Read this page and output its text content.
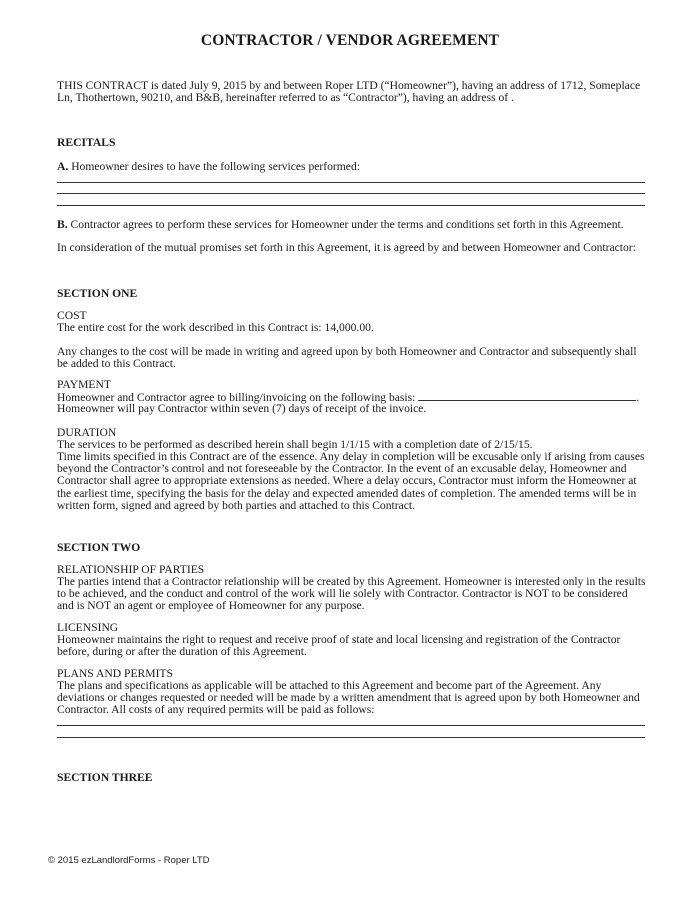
CONTRACTOR / VENDOR AGREEMENT
THIS CONTRACT is dated July 9, 2015 by and between Roper LTD (“Homeowner”), having an address of 1712, Someplace Ln, Thothertown, 90210, and B&B, hereinafter referred to as “Contractor”), having an address of .
RECITALS
A. Homeowner desires to have the following services performed:
B. Contractor agrees to perform these services for Homeowner under the terms and conditions set forth in this Agreement.
In consideration of the mutual promises set forth in this Agreement, it is agreed by and between Homeowner and Contractor:
SECTION ONE
COST
The entire cost for the work described in this Contract is: 14,000.00.
Any changes to the cost will be made in writing and agreed upon by both Homeowner and Contractor and subsequently shall be added to this Contract.
PAYMENT
Homeowner and Contractor agree to billing/invoicing on the following basis:	.
Homeowner will pay Contractor within seven (7) days of receipt of the invoice.
DURATION
The services to be performed as described herein shall begin 1/1/15 with a completion date of 2/15/15.
Time limits specified in this Contract are of the essence. Any delay in completion will be excusable only if arising from causes beyond the Contractor’s control and not foreseeable by the Contractor. In the event of an excusable delay, Homeowner and Contractor shall agree to appropriate extensions as needed. Where a delay occurs, Contractor must inform the Homeowner at the earliest time, specifying the basis for the delay and expected amended dates of completion. The amended terms will be in written form, signed and agreed by both parties and attached to this Contract.
SECTION TWO
RELATIONSHIP OF PARTIES
The parties intend that a Contractor relationship will be created by this Agreement. Homeowner is interested only in the results to be achieved, and the conduct and control of the work will lie solely with Contractor. Contractor is NOT to be considered and is NOT an agent or employee of Homeowner for any purpose.
LICENSING
Homeowner maintains the right to request and receive proof of state and local licensing and registration of the Contractor before, during or after the duration of this Agreement.
PLANS AND PERMITS
The plans and specifications as applicable will be attached to this Agreement and become part of the Agreement. Any deviations or changes requested or needed will be made by a written amendment that is agreed upon by both Homeowner and Contractor. All costs of any required permits will be paid as follows:
SECTION THREE
© 2015 ezLandlordForms - Roper LTD
